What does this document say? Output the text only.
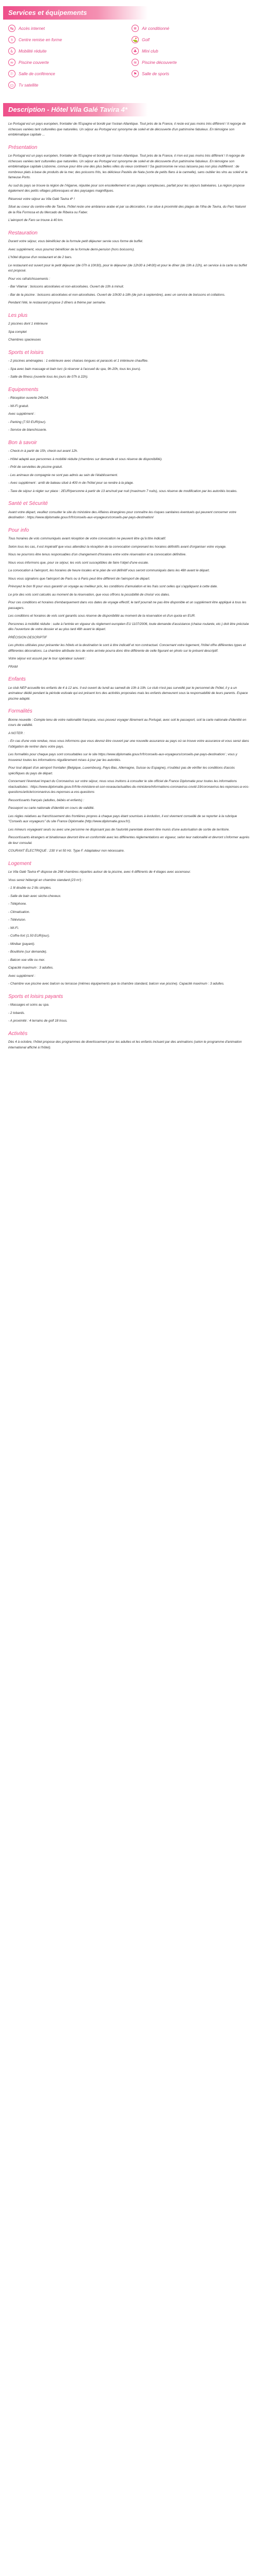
Services et équipements
↹	Accès internet	❄	Air conditionné
⚕	Centre remise en forme	⛳ Golf
♿	Mobilité réduite	♣	Mini club
≈	Piscine couverte	≋	Piscine découverte
⚐	Salle de conférence	⚑	Salle de sports
▭	Tv satellite
Description - Hôtel Vila Galé Tavira 4*

Le Portugal est un pays européen, frontalier de l'Espagne et bordé par l'océan Atlantique. Tout près de la France, il reste est pas moins très différent ! Il regorge de richesses variées tant culturelles que naturelles. Un séjour au Portugal est synonyme de soleil et de découverte d'un patrimoine fabuleux. En témoigne son emblématique capitale ...

Présentation

Le Portugal est un pays européen, frontalier de l'Espagne et bordé par l'océan Atlantique. Tout près de la France, il n'en est pas moins très différent ! Il regorge de richesses variées tant culturelles que naturelles. Un séjour au Portugal est synonyme de soleil et de découverte d'un patrimoine fabuleux. En témoigne son emblématique capitale Lisbonne, connue pour être une des plus belles villes du vieux continent ! Sa gastronomie ne vous laissera pas non plus indifférent : de nombreux plats à base de produits de la mer, des poissons frits, les délicieux Pastéis de Nata (sorte de petits flans à la cannelle), sans oublier les vins au soleil et la fameuse Porto.

Au sud du pays se trouve la région de l'Algarve, réputée pour son ensoleillement et ses plages sompteuses, parfait pour les séjours balnéaires. La région propose également des petits villages pittoresques et des paysages magnifiques.

Réservez votre séjour au Vila Galé Tavira 4* !

Situé au coeur du centre-ville de Tavira, l'hôtel reste une ambiance arabe et par sa décoration, il se situe à proximité des plages de l'Ilha de Tavira, du Parc Naturel de la Ria Formosa et du Mercado de Ribeira ou Faber.

L'aéroport de Faro se trouve à 40 km.

Restauration

Durant votre séjour, vous bénéficiez de la formule petit déjeuner servie sous forme de buffet.

Avec supplément, vous pourrez bénéficier de la formule demi-pension (hors boissons).

L'hôtel dispose d'un restaurant et de 2 bars.

Le restaurant est ouvert pour le petit déjeuner (de 07h à 10h30), pour le déjeuner (de 12h30 à 14h30) et pour le dîner (de 19h à 22h), en service à la carte ou buffet est proposé.

Pour vos rafraîchissements :

- Bar Vilamar : boissons alcoolisées et non-alcoolisées. Ouvert de 10h à minuit.

- Bar de la piscine : boissons alcoolisées et non-alcoolisées. Ouvert de 10h30 à 18h (de juin à septembre), avec un service de boissons et collations.

Pendant l'été, le restaurant propose 2 dîners à thème par semaine.

Les plus

2 piscines dont 1 intérieure

Spa complet

Chambres spacieuses

Sports et loisirs

- 2 piscines aménagées : 1 extérieure avec chaises longues et parasols et 1 intérieure chauffée.

- Spa avec bain massage et bain turc (à réserver à l'accueil du spa, 9h-20h, tous les jours).

- Salle de fitness (ouverte tous les jours de 07h à 22h).

Equipements

- Réception ouverte 24h/24.

- Wi-Fi gratuit.

Avec supplément :

- Parking (7.50 EUR/jour).

- Service de blanchisserie.

Bon à savoir

- Check-in à partir de 15h, check-out avant 12h.

- Hôtel adapté aux personnes à mobilité réduite (chambres sur demande et sous réserve de disponibilité).

- Prêt de serviettes de piscine gratuit.

- Les animaux de compagnie ne sont pas admis au sein de l'établissement.

- Avec supplément : arrêt de bateau situé à 400 m de l'hôtel pour se rendre à la plage.

- Taxe de séjour à régler sur place : 2EUR/personne à partir de 13 ans/nuit par nuit (maximum 7 nuits), sous réserve de modification par les autorités locales.

Santé et Sécurité

Avant votre départ, veuillez consulter le site du ministère des Affaires étrangères pour connaître les risques sanitaires éventuels qui peuvent concerner votre destination : https://www.diplomatie.gouv.fr/fr/conseils-aux-voyageurs/conseils-par-pays-destination/

Pour info

Tous horaires de vols communiqués avant réception de votre convocation ne peuvent être qu'à titre indicatif.

Selon tous les cas, il est impératif que vous attendiez la réception de la convocation comprenant les horaires définitifs avant d'organiser votre voyage.

Nous ne pourrons être tenus responsables d'un changement d'horaires entre votre réservation et la convocation définitive.

Nous vous informons que, pour ce séjour, les vols sont susceptibles de faire l'objet d'une escale.

La convocation à l'aéroport, les horaires de heure locales et le plan de vol définitif vous seront communiqués dans les 48h avant le départ.

Nous vous signalons que l'aéroport de Paris ou à Paris peut être différent de l'aéroport de départ.

Prévoyez le bon fil pour vous garantir un voyage au meilleur prix, les conditions d'annulation et les frais sont celles qui s'appliquent à cette date.

Le prix des vols sont calculés au moment de la réservation, que vous offrons la possibilité de choisir vos dates.

Pour ces conditions et horaires d'embarquement dans vos dates de voyage effectif, le tarif pourrait ne pas être disponible et un supplément être appliqué à tous les passagers.

Les conditions et horaires de vols sont garantis sous réserve de disponibilité au moment de la réservation et d'un quota en EUR.

Personnes à mobilité réduite : suite à l'entrée en vigueur du règlement européen EU 1107/2006, toute demande d'assistance (chaise roulante, etc.) doit être précisée dès l'ouverture de votre dossier et au plus tard 48h avant le départ.

PRÉCISION DESCRIPTIF

Les photos utilisées pour présenter les hôtels et la destination le sont à titre indicatif et non contractuel. Concernant votre logement, l'hôtel offre différentes types et différentes décorations. La chambre attribuée lors de votre arrivée pourra donc être différente de celle figurant en photo sur le présent descriptif.

Votre séjour est assuré par le tour opérateur suivant :

FRAM

Enfants

Le club NEP accueille les enfants de 4 à 12 ans. Il est ouvert du lundi au samedi de 10h à 19h. Le club n'est pas surveillé par le personnel de l'hôtel, il y a un animateur dédié pendant la période estivale qui est présent lors des activités proposées mais les enfants demeurent sous la responsabilité de leurs parents. Espace piscine adapté.

Formalités

Bonne nouvelle : Compte tenu de votre nationalité française, vous pouvez voyager librement au Portugal, avec soit le passeport, soit la carte nationale d'identité en cours de validité.

A NOTER :

- En cas d'une voie rendue, nous vous informons que vous devrez être couvert par une nouvelle assurance au pays où se trouve votre assurance et vous serez dans l'obligation de rentrer dans votre pays.

Les formalités pour chaque pays sont consultables sur le site https://www.diplomatie.gouv.fr/fr/conseils-aux-voyageurs/conseils-par-pays-destination/ ; vous y trouverez toutes les informations régulièrement mises à jour par les autorités.

Pour tout départ d'un aéroport frontalier (Belgique, Luxembourg, Pays-Bas, Allemagne, Suisse ou Espagne), n'oubliez pas de vérifier les conditions d'accès spécifiques du pays de départ.

Concernant l'éventuel impact du Coronavirus sur votre séjour, nous vous invitons à consulter le site officiel de France Diplomatie pour toutes les informations réactualisées : https://www.diplomatie.gouv.fr/fr/le-ministere-et-son-reseau/actualites-du-ministere/informations-coronavirus-covid-19/coronavirus-les-reponses-a-vos-questions/article/coronavirus-les-reponses-a-vos-questions

Ressortissants français (adultes, bébés et enfants) :

Passeport ou carte nationale d'identité en cours de validité.

Les règles relatives au franchissement des frontières propres à chaque pays étant soumises à évolution, il est vivement conseillé de se reporter à la rubrique "Conseils aux voyageurs" du site France Diplomatie (http://www.diplomatie.gouv.fr/).

Les mineurs voyageant seuls ou avec une personne ne disposant pas de l'autorité parentale doivent être munis d'une autorisation de sortie de territoire.

Ressortissants étrangers et binationaux devront être en conformité avec les différentes règlementations en vigueur, selon leur nationalité et devront s'informer auprès de leur consulat.

COURANT ÉLECTRIQUE : 230 V et 50 Hz. Type F. Adaptateur non nécessaire.

Logement

Le Vila Galé Tavira 4* dispose de 268 chambres réparties autour de la piscine, avec 6 différents de 4 étages avec ascenseur.

Vous serez hébergé en chambre standard (23 m²) :

- 1 lit double ou 2 lits simples.

- Salle de bain avec sèche-cheveux.

- Téléphone.

- Climatisation.

- Télévision.

- Wi-Fi.

- Coffre-fort (1.50 EUR/jour).

- Minibar (payant).

- Bouilloire (sur demande).

- Balcon vue ville ou mer.

Capacité maximum : 3 adultes.

Avec supplément :

- Chambre vue piscine avec balcon ou terrasse (mêmes équipements que la chambre standard, balcon vue piscine). Capacité maximum : 3 adultes.

Sports et loisirs payants

- Massages et soins au spa.

- 2 tobards.

- A proximité : 4 terrains de golf 18 trous.

Activités

Dès 4 à octobre, l'hôtel propose des programmes de divertissement pour les adultes et les enfants incluant par des animations (selon le programme d'animation international affiché à l'hôtel).
